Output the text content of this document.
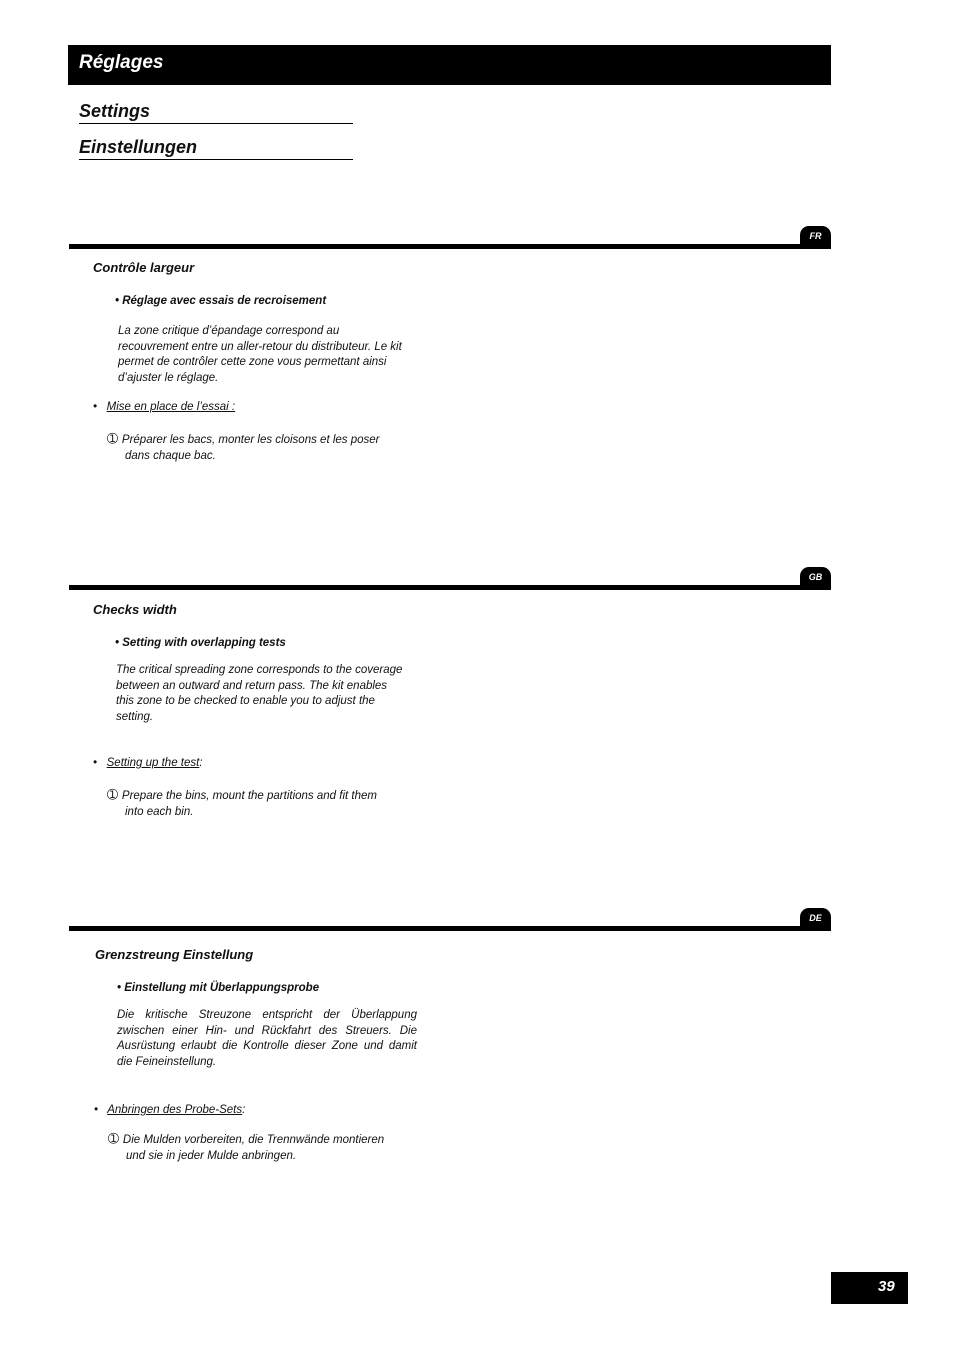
Réglages
Settings
Einstellungen
FR
Contrôle largeur
• Réglage avec essais de recroisement
La zone critique d’épandage correspond au
recouvrement entre un aller-retour du distributeur. Le kit
permet de contrôler cette zone vous permettant ainsi
d’ajuster le réglage.
• Mise en place de l’essai :
➀ Préparer les bacs, monter les cloisons et les poser
dans chaque bac.
GB
Checks width
• Setting with overlapping tests
The critical spreading zone corresponds to the coverage
between an outward and return pass. The kit enables
this zone to be checked to enable you to adjust the
setting.
• Setting up the test:
➀ Prepare the bins, mount the partitions and fit them
into each bin.
DE
Grenzstreung Einstellung
• Einstellung mit Überlappungsprobe
Die kritische Streuzone entspricht der Überlappung
zwischen einer Hin- und Rückfahrt des Streuers. Die
Ausrüstung erlaubt die Kontrolle dieser Zone und damit
die Feineinstellung.
• Anbringen des Probe-Sets:
➀ Die Mulden vorbereiten, die Trennwände montieren
und sie in jeder Mulde anbringen.
39
